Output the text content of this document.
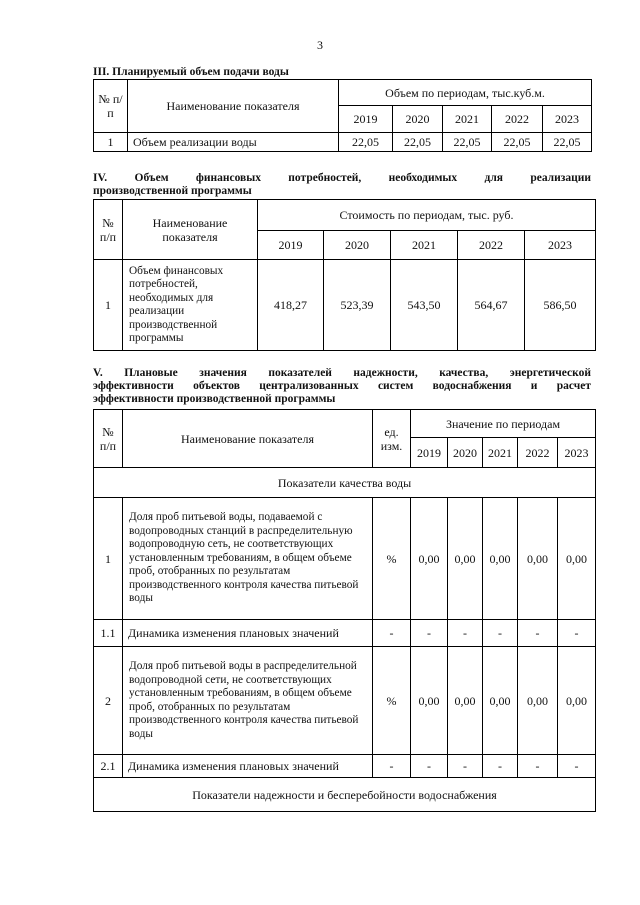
3

III. Планируемый объем подачи воды

№ п/п	Наименование показателя	Объем по периодам, тыс.куб.м.				
		2019	2020	2021	2022	2023
1	Объем реализации воды	22,05	22,05	22,05	22,05	22,05
IV. Объем финансовых потребностей, необходимых для реализации
производственной программы
№ п/п	Наименование показателя	Стоимость по периодам, тыс. руб.				
		2019	2020	2021	2022	2023
1	Объем финансовых потребностей, необходимых для реализации производственной программы	418,27	523,39	543,50	564,67	586,50
V. Плановые значения показателей надежности, качества, энергетической
эффективности объектов централизованных систем водоснабжения и расчет
эффективности производственной программы
№ п/п	Наименование показателя	ед. изм.	Значение по периодам				
			2019	2020	2021	2022	2023
Показатели качества воды							
1	Доля проб питьевой воды, подаваемой с водопроводных станций в распределительную водопроводную сеть, не соответствующих установленным требованиям, в общем объеме проб, отобранных по результатам производственного контроля качества питьевой воды	%	0,00	0,00	0,00	0,00	0,00
1.1	Динамика изменения плановых значений	-	-	-	-	-	-
2	Доля проб питьевой воды в распределительной водопроводной сети, не соответствующих установленным требованиям, в общем объеме проб, отобранных по результатам производственного контроля качества питьевой воды	%	0,00	0,00	0,00	0,00	0,00
2.1	Динамика изменения плановых значений	-	-	-	-	-	-
Показатели надежности и бесперебойности водоснабжения							
